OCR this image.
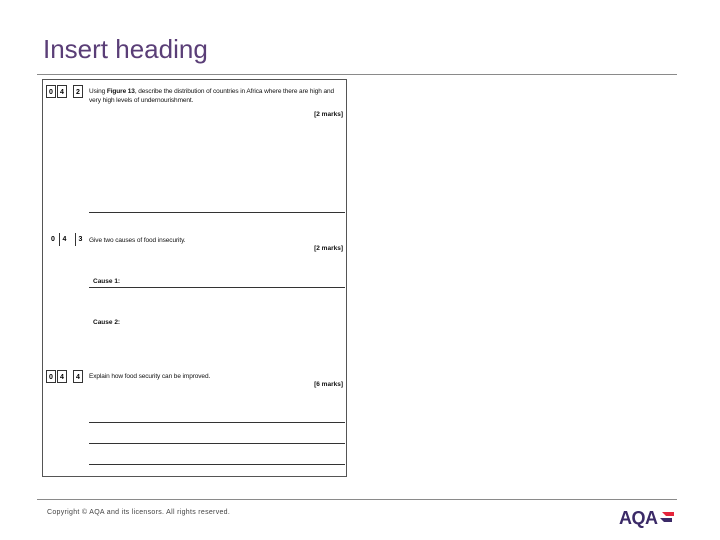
Insert heading
0	4	2	Using Figure 13, describe the distribution of countries in Africa where there are high and very high levels of undernourishment.
[2 marks]
0	4	3	Give two causes of food insecurity.
[2 marks]
Cause 1:
Cause 2:
0	4	4	Explain how food security can be improved.
[6 marks]
Copyright © AQA and its licensors. All rights reserved.	AQA
